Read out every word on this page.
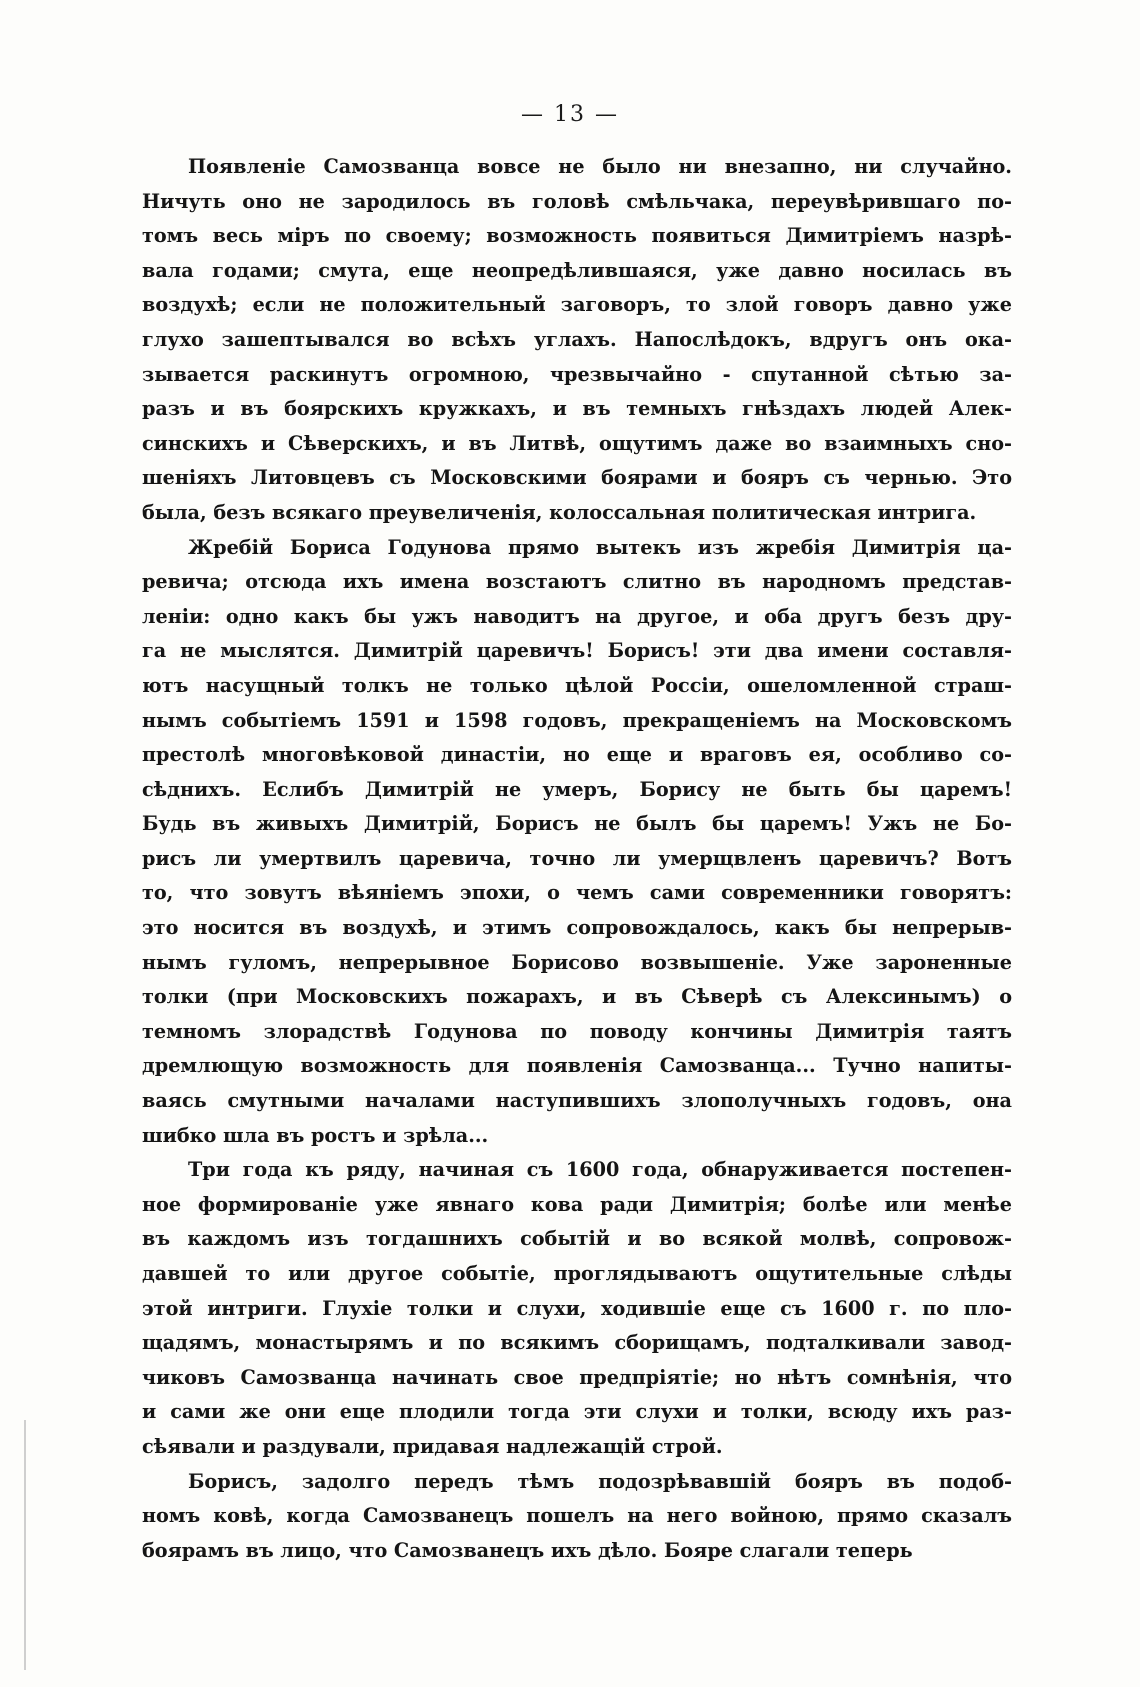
— 13 —
Появленіе Самозванца вовсе не было ни внезапно, ни случайно.
Ничуть оно не зародилось въ головѣ смѣльчака, переувѣрившаго по-
томъ весь міръ по своему; возможность появиться Димитріемъ назрѣ-
вала годами; смута, еще неопредѣлившаяся, уже давно носилась въ
воздухѣ; если не положительный заговоръ, то злой говоръ давно уже
глухо зашептывался во всѣхъ углахъ. Напослѣдокъ, вдругъ онъ ока-
зывается раскинутъ огромною, чрезвычайно - спутанной сѣтью за-
разъ и въ боярскихъ кружкахъ, и въ темныхъ гнѣздахъ людей Алек-
синскихъ и Сѣверскихъ, и въ Литвѣ, ощутимъ даже во взаимныхъ сно-
шеніяхъ Литовцевъ съ Московскими боярами и бояръ съ чернью. Это
была, безъ всякаго преувеличенія, колоссальная политическая интрига.
Жребій Бориса Годунова прямо вытекъ изъ жребія Димитрія ца-
ревича; отсюда ихъ имена возстаютъ слитно въ народномъ представ-
леніи: одно какъ бы ужъ наводитъ на другое, и оба другъ безъ дру-
га не мыслятся. Димитрій царевичъ! Борисъ! эти два имени составля-
ютъ насущный толкъ не только цѣлой Россіи, ошеломленной страш-
нымъ событіемъ 1591 и 1598 годовъ, прекращеніемъ на Московскомъ
престолѣ многовѣковой династіи, но еще и враговъ ея, особливо со-
сѣднихъ. Еслибъ Димитрій не умеръ, Борису не быть бы царемъ!
Будь въ живыхъ Димитрій, Борисъ не былъ бы царемъ! Ужъ не Бо-
рисъ ли умертвилъ царевича, точно ли умерщвленъ царевичъ? Вотъ
то, что зовутъ вѣяніемъ эпохи, о чемъ сами современники говорятъ:
это носится въ воздухѣ, и этимъ сопровождалось, какъ бы непрерыв-
нымъ гуломъ, непрерывное Борисово возвышеніе. Уже зароненные
толки (при Московскихъ пожарахъ, и въ Сѣверѣ съ Алексинымъ) о
темномъ злорадствѣ Годунова по поводу кончины Димитрія таятъ
дремлющую возможность для появленія Самозванца... Тучно напиты-
ваясь смутными началами наступившихъ злополучныхъ годовъ, она
шибко шла въ ростъ и зрѣла...
Три года къ ряду, начиная съ 1600 года, обнаруживается постепен-
ное формированіе уже явнаго кова ради Димитрія; болѣе или менѣе
въ каждомъ изъ тогдашнихъ событій и во всякой молвѣ, сопровож-
давшей то или другое событіе, проглядываютъ ощутительные слѣды
этой интриги. Глухіе толки и слухи, ходившіе еще съ 1600 г. по пло-
щадямъ, монастырямъ и по всякимъ сборищамъ, подталкивали завод-
чиковъ Самозванца начинать свое предпріятіе; но нѣтъ сомнѣнія, что
и сами же они еще плодили тогда эти слухи и толки, всюду ихъ раз-
сѣявали и раздували, придавая надлежащій строй.
Борисъ, задолго передъ тѣмъ подозрѣвавшій бояръ въ подоб-
номъ ковѣ, когда Самозванецъ пошелъ на него войною, прямо сказалъ
боярамъ въ лицо, что Самозванецъ ихъ дѣло. Бояре слагали теперь
